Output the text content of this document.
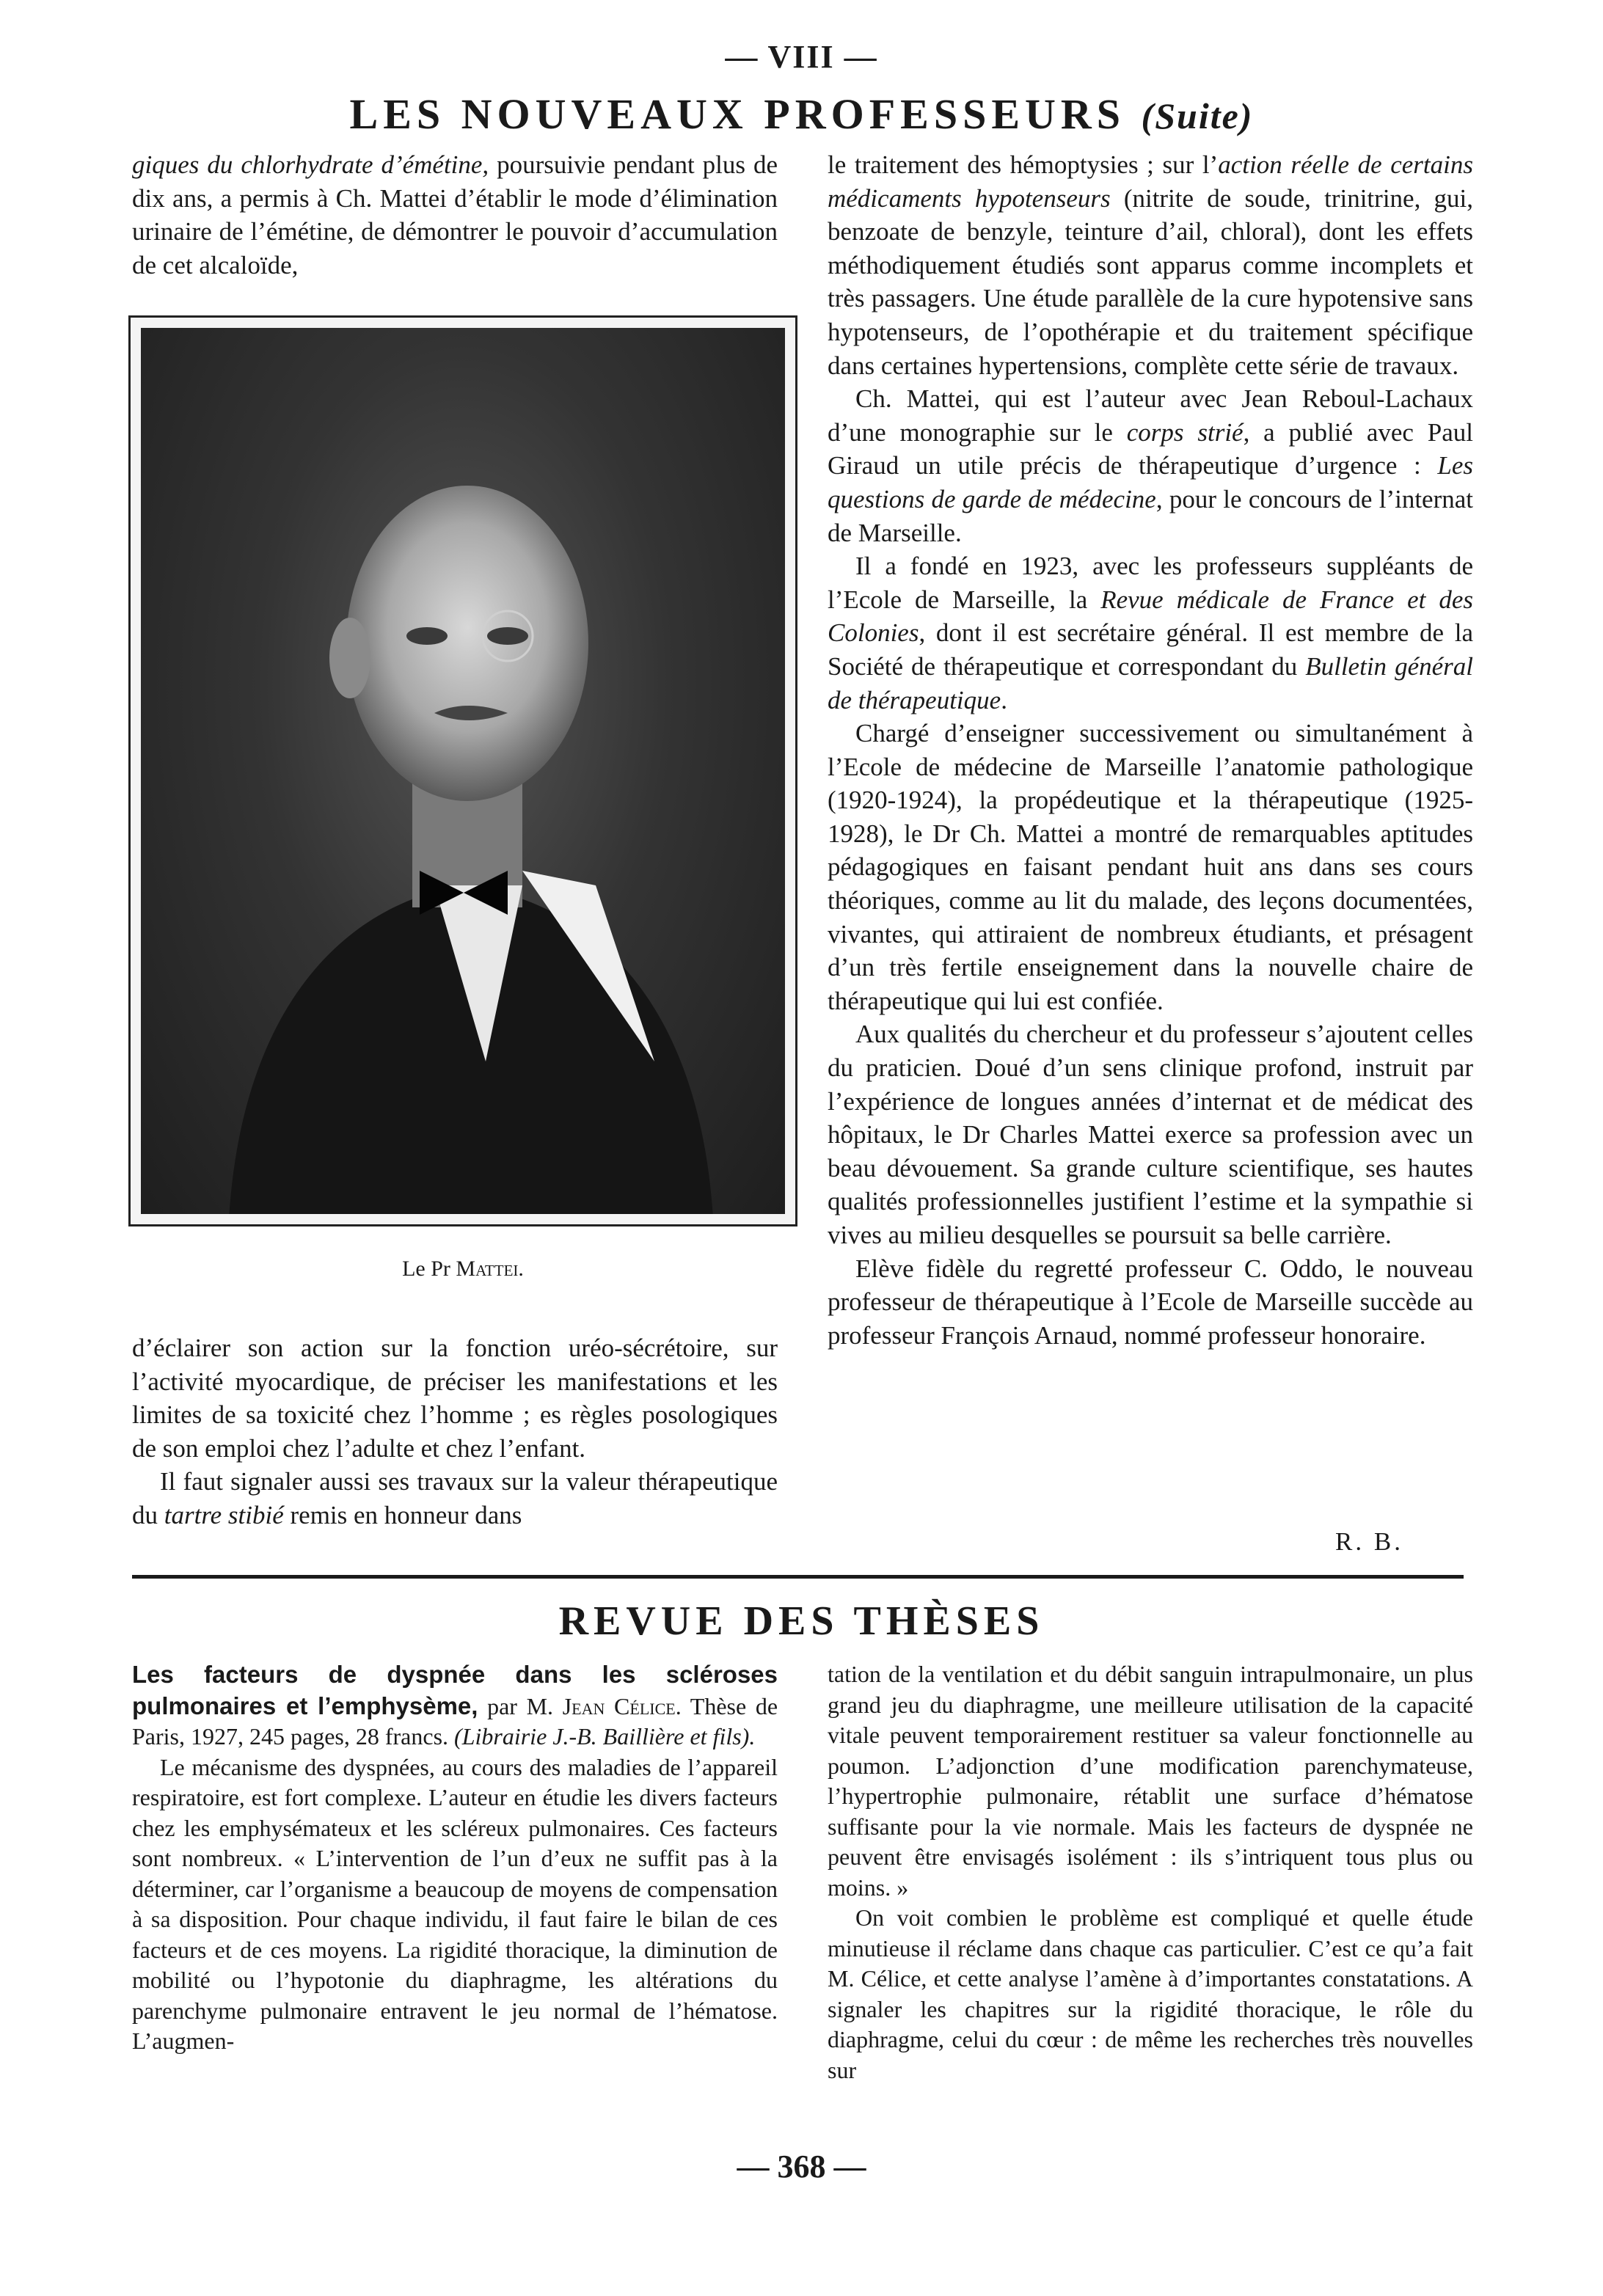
— VIII —
LES NOUVEAUX PROFESSEURS (Suite)

giques du chlorhydrate d’émétine, poursuivie pendant plus de dix ans, a permis à Ch. Mattei d’établir le mode d’élimination urinaire de l’émétine, de démontrer le pouvoir d’accumulation de cet alcaloïde,

Le Pr Mattei.

d’éclairer son action sur la fonction uréo-sécrétoire, sur l’activité myocardique, de préciser les manifestations et les limites de sa toxicité chez l’homme ; es règles posologiques de son emploi chez l’adulte et chez l’enfant.

Il faut signaler aussi ses travaux sur la valeur thérapeutique du tartre stibié remis en honneur dans

le traitement des hémoptysies ; sur l’action réelle de certains médicaments hypotenseurs (nitrite de soude, trinitrine, gui, benzoate de benzyle, teinture d’ail, chloral), dont les effets méthodiquement étudiés sont apparus comme incomplets et très passagers. Une étude parallèle de la cure hypotensive sans hypotenseurs, de l’opothérapie et du traitement spécifique dans certaines hypertensions, complète cette série de travaux.

Ch. Mattei, qui est l’auteur avec Jean Reboul-Lachaux d’une monographie sur le corps strié, a publié avec Paul Giraud un utile précis de thérapeutique d’urgence : Les questions de garde de médecine, pour le concours de l’internat de Marseille.

Il a fondé en 1923, avec les professeurs suppléants de l’Ecole de Marseille, la Revue médicale de France et des Colonies, dont il est secrétaire général. Il est membre de la Société de thérapeutique et correspondant du Bulletin général de thérapeutique.

Chargé d’enseigner successivement ou simultanément à l’Ecole de médecine de Marseille l’anatomie pathologique (1920-1924), la propédeutique et la thérapeutique (1925-1928), le Dr Ch. Mattei a montré de remarquables aptitudes pédagogiques en faisant pendant huit ans dans ses cours théoriques, comme au lit du malade, des leçons documentées, vivantes, qui attiraient de nombreux étudiants, et présagent d’un très fertile enseignement dans la nouvelle chaire de thérapeutique qui lui est confiée.

Aux qualités du chercheur et du professeur s’ajoutent celles du praticien. Doué d’un sens clinique profond, instruit par l’expérience de longues années d’internat et de médicat des hôpitaux, le Dr Charles Mattei exerce sa profession avec un beau dévouement. Sa grande culture scientifique, ses hautes qualités professionnelles justifient l’estime et la sympathie si vives au milieu desquelles se poursuit sa belle carrière.

Elève fidèle du regretté professeur C. Oddo, le nouveau professeur de thérapeutique à l’Ecole de Marseille succède au professeur François Arnaud, nommé professeur honoraire.

R. B.
REVUE DES THÈSES

Les facteurs de dyspnée dans les scléroses pulmonaires et l’emphysème, par M. Jean Célice. Thèse de Paris, 1927, 245 pages, 28 francs. (Librairie J.-B. Baillière et fils).

Le mécanisme des dyspnées, au cours des maladies de l’appareil respiratoire, est fort complexe. L’auteur en étudie les divers facteurs chez les emphysémateux et les scléreux pulmonaires. Ces facteurs sont nombreux. « L’intervention de l’un d’eux ne suffit pas à la déterminer, car l’organisme a beaucoup de moyens de compensation à sa disposition. Pour chaque individu, il faut faire le bilan de ces facteurs et de ces moyens. La rigidité thoracique, la diminution de mobilité ou l’hypotonie du diaphragme, les altérations du parenchyme pulmonaire entravent le jeu normal de l’hématose. L’augmen-

tation de la ventilation et du débit sanguin intrapulmonaire, un plus grand jeu du diaphragme, une meilleure utilisation de la capacité vitale peuvent temporairement restituer sa valeur fonctionnelle au poumon. L’adjonction d’une modification parenchymateuse, l’hypertrophie pulmonaire, rétablit une surface d’hématose suffisante pour la vie normale. Mais les facteurs de dyspnée ne peuvent être envisagés isolément : ils s’intriquent tous plus ou moins. »

On voit combien le problème est compliqué et quelle étude minutieuse il réclame dans chaque cas particulier. C’est ce qu’a fait M. Célice, et cette analyse l’amène à d’importantes constatations. A signaler les chapitres sur la rigidité thoracique, le rôle du diaphragme, celui du cœur : de même les recherches très nouvelles sur

— 368 —
